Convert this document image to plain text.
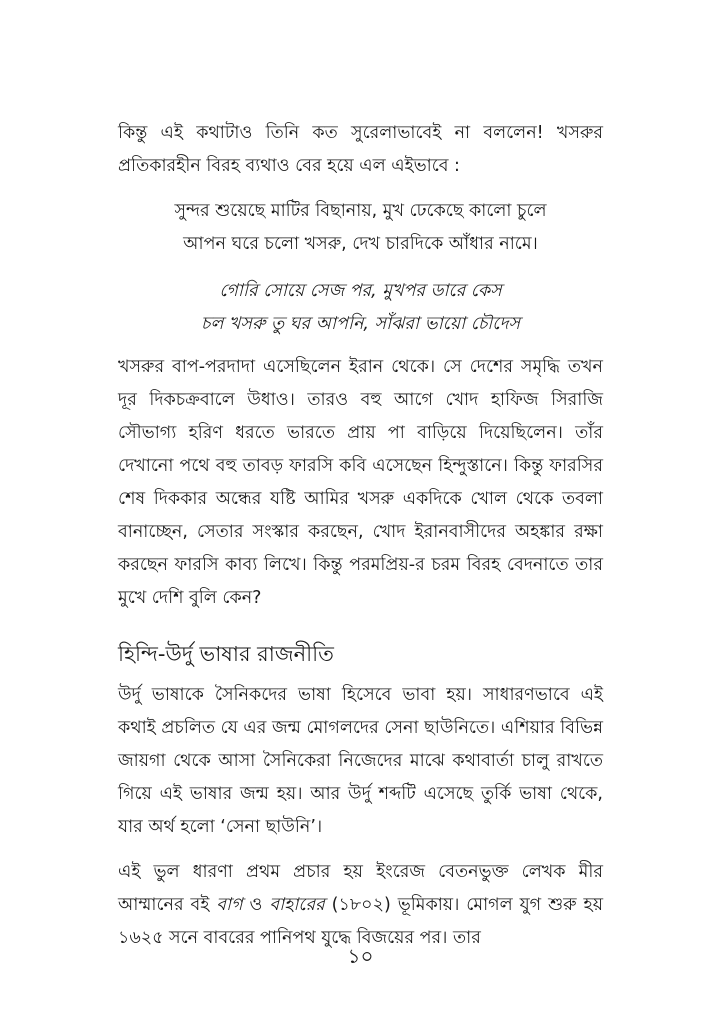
কিন্তু এই কথাটাও তিনি কত সুরেলাভাবেই না বললেন! খসরুর প্রতিকারহীন বিরহ ব্যথাও বের হয়ে এল এইভাবে :

সুন্দর শুয়েছে মাটির বিছানায়, মুখ ঢেকেছে কালো চুলে
আপন ঘরে চলো খসরু, দেখ চারদিকে আঁধার নামে।
গোরি সোয়ে সেজ পর, মুখপর ডারে কেস
চল খসরু তু ঘর আপনি, সাঁঝরা ভায়ো চৌদেস

খসরুর বাপ-পরদাদা এসেছিলেন ইরান থেকে। সে দেশের সমৃদ্ধি তখন দূর দিকচক্রবালে উধাও। তারও বহু আগে খোদ হাফিজ সিরাজি সৌভাগ্য হরিণ ধরতে ভারতে প্রায় পা বাড়িয়ে দিয়েছিলেন। তাঁর দেখানো পথে বহু তাবড় ফারসি কবি এসেছেন হিন্দুস্তানে। কিন্তু ফারসির শেষ দিককার অন্ধের যষ্টি আমির খসরু একদিকে খোল থেকে তবলা বানাচ্ছেন, সেতার সংস্কার করছেন, খোদ ইরানবাসীদের অহঙ্কার রক্ষা করছেন ফারসি কাব্য লিখে। কিন্তু পরমপ্রিয়-র চরম বিরহ বেদনাতে তার মুখে দেশি বুলি কেন?

হিন্দি-উর্দু ভাষার রাজনীতি

উর্দু ভাষাকে সৈনিকদের ভাষা হিসেবে ভাবা হয়। সাধারণভাবে এই কথাই প্রচলিত যে এর জন্ম মোগলদের সেনা ছাউনিতে। এশিয়ার বিভিন্ন জায়গা থেকে আসা সৈনিকেরা নিজেদের মাঝে কথাবার্তা চালু রাখতে গিয়ে এই ভাষার জন্ম হয়। আর উর্দু শব্দটি এসেছে তুর্কি ভাষা থেকে, যার অর্থ হলো ‘সেনা ছাউনি’।

এই ভুল ধারণা প্রথম প্রচার হয় ইংরেজ বেতনভুক্ত লেখক মীর আম্মানের বই বাগ ও বাহারের (১৮০২) ভূমিকায়। মোগল যুগ শুরু হয় ১৬২৫ সনে বাবরের পানিপথ যুদ্ধে বিজয়ের পর। তার

১০
